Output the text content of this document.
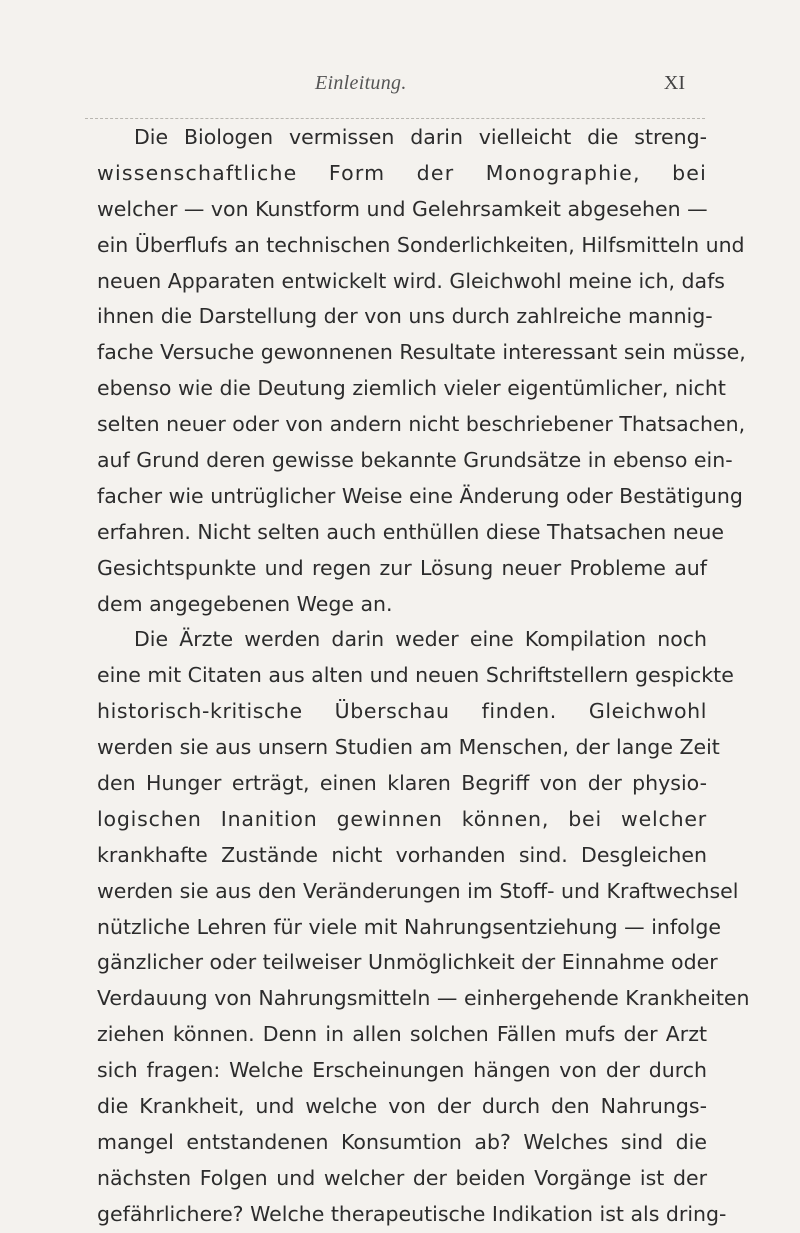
Einleitung.	XI
Die Biologen vermissen darin vielleicht die streng-
wissenschaftliche Form der Monographie, bei
welcher — von Kunstform und Gelehrsamkeit abgesehen —
ein Überflufs an technischen Sonderlichkeiten, Hilfsmitteln und
neuen Apparaten entwickelt wird. Gleichwohl meine ich, dafs
ihnen die Darstellung der von uns durch zahlreiche mannig-
fache Versuche gewonnenen Resultate interessant sein müsse,
ebenso wie die Deutung ziemlich vieler eigentümlicher, nicht
selten neuer oder von andern nicht beschriebener Thatsachen,
auf Grund deren gewisse bekannte Grundsätze in ebenso ein-
facher wie untrüglicher Weise eine Änderung oder Bestätigung
erfahren. Nicht selten auch enthüllen diese Thatsachen neue
Gesichtspunkte und regen zur Lösung neuer Probleme auf
dem angegebenen Wege an.
Die Ärzte werden darin weder eine Kompilation noch
eine mit Citaten aus alten und neuen Schriftstellern gespickte
historisch-kritische Überschau finden. Gleichwohl
werden sie aus unsern Studien am Menschen, der lange Zeit
den Hunger erträgt, einen klaren Begriff von der physio-
logischen Inanition gewinnen können, bei welcher
krankhafte Zustände nicht vorhanden sind. Desgleichen
werden sie aus den Veränderungen im Stoff- und Kraftwechsel
nützliche Lehren für viele mit Nahrungsentziehung — infolge
gänzlicher oder teilweiser Unmöglichkeit der Einnahme oder
Verdauung von Nahrungsmitteln — einhergehende Krankheiten
ziehen können. Denn in allen solchen Fällen mufs der Arzt
sich fragen: Welche Erscheinungen hängen von der durch
die Krankheit, und welche von der durch den Nahrungs-
mangel entstandenen Konsumtion ab? Welches sind die
nächsten Folgen und welcher der beiden Vorgänge ist der
gefährlichere? Welche therapeutische Indikation ist als dring-
